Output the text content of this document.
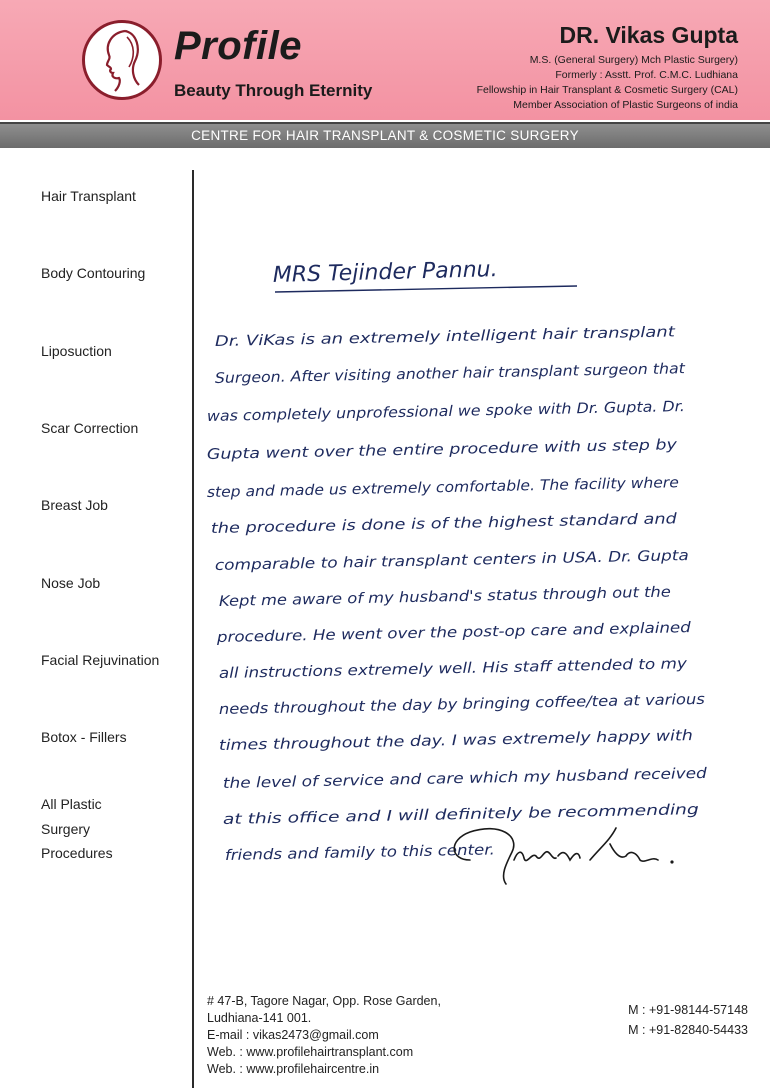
Profile
Beauty Through Eternity
DR. Vikas Gupta
M.S. (General Surgery) Mch Plastic Surgery)
Formerly : Asstt. Prof. C.M.C. Ludhiana
Fellowship in Hair Transplant & Cosmetic Surgery (CAL)
Member Association of Plastic Surgeons of india
CENTRE FOR HAIR TRANSPLANT & COSMETIC SURGERY
Hair Transplant
Body Contouring
Liposuction
Scar Correction
Breast Job
Nose Job
Facial Rejuvination
Botox - Fillers
All Plastic
Surgery
Procedures
MRS Tejinder Pannu.
Dr. ViKas is an extremely intelligent hair transplant
Surgeon. After visiting another hair transplant surgeon that
was completely unprofessional we spoke with Dr. Gupta. Dr.
Gupta went over the entire procedure with us step by
step and made us extremely comfortable. The facility where
the procedure is done is of the highest standard and
comparable to hair transplant centers in USA. Dr. Gupta
Kept me aware of my husband's status through out the
procedure. He went over the post-op care and explained
all instructions extremely well. His staff attended to my
needs throughout the day by bringing coffee/tea at various
times throughout the day. I was extremely happy with
the level of service and care which my husband received
at this office and I will definitely be recommending
friends and family to this center.
# 47-B, Tagore Nagar, Opp. Rose Garden,
Ludhiana-141 001.
E-mail : vikas2473@gmail.com
Web. : www.profilehairtransplant.com
Web. : www.profilehaircentre.in
M : +91-98144-57148
M : +91-82840-54433
